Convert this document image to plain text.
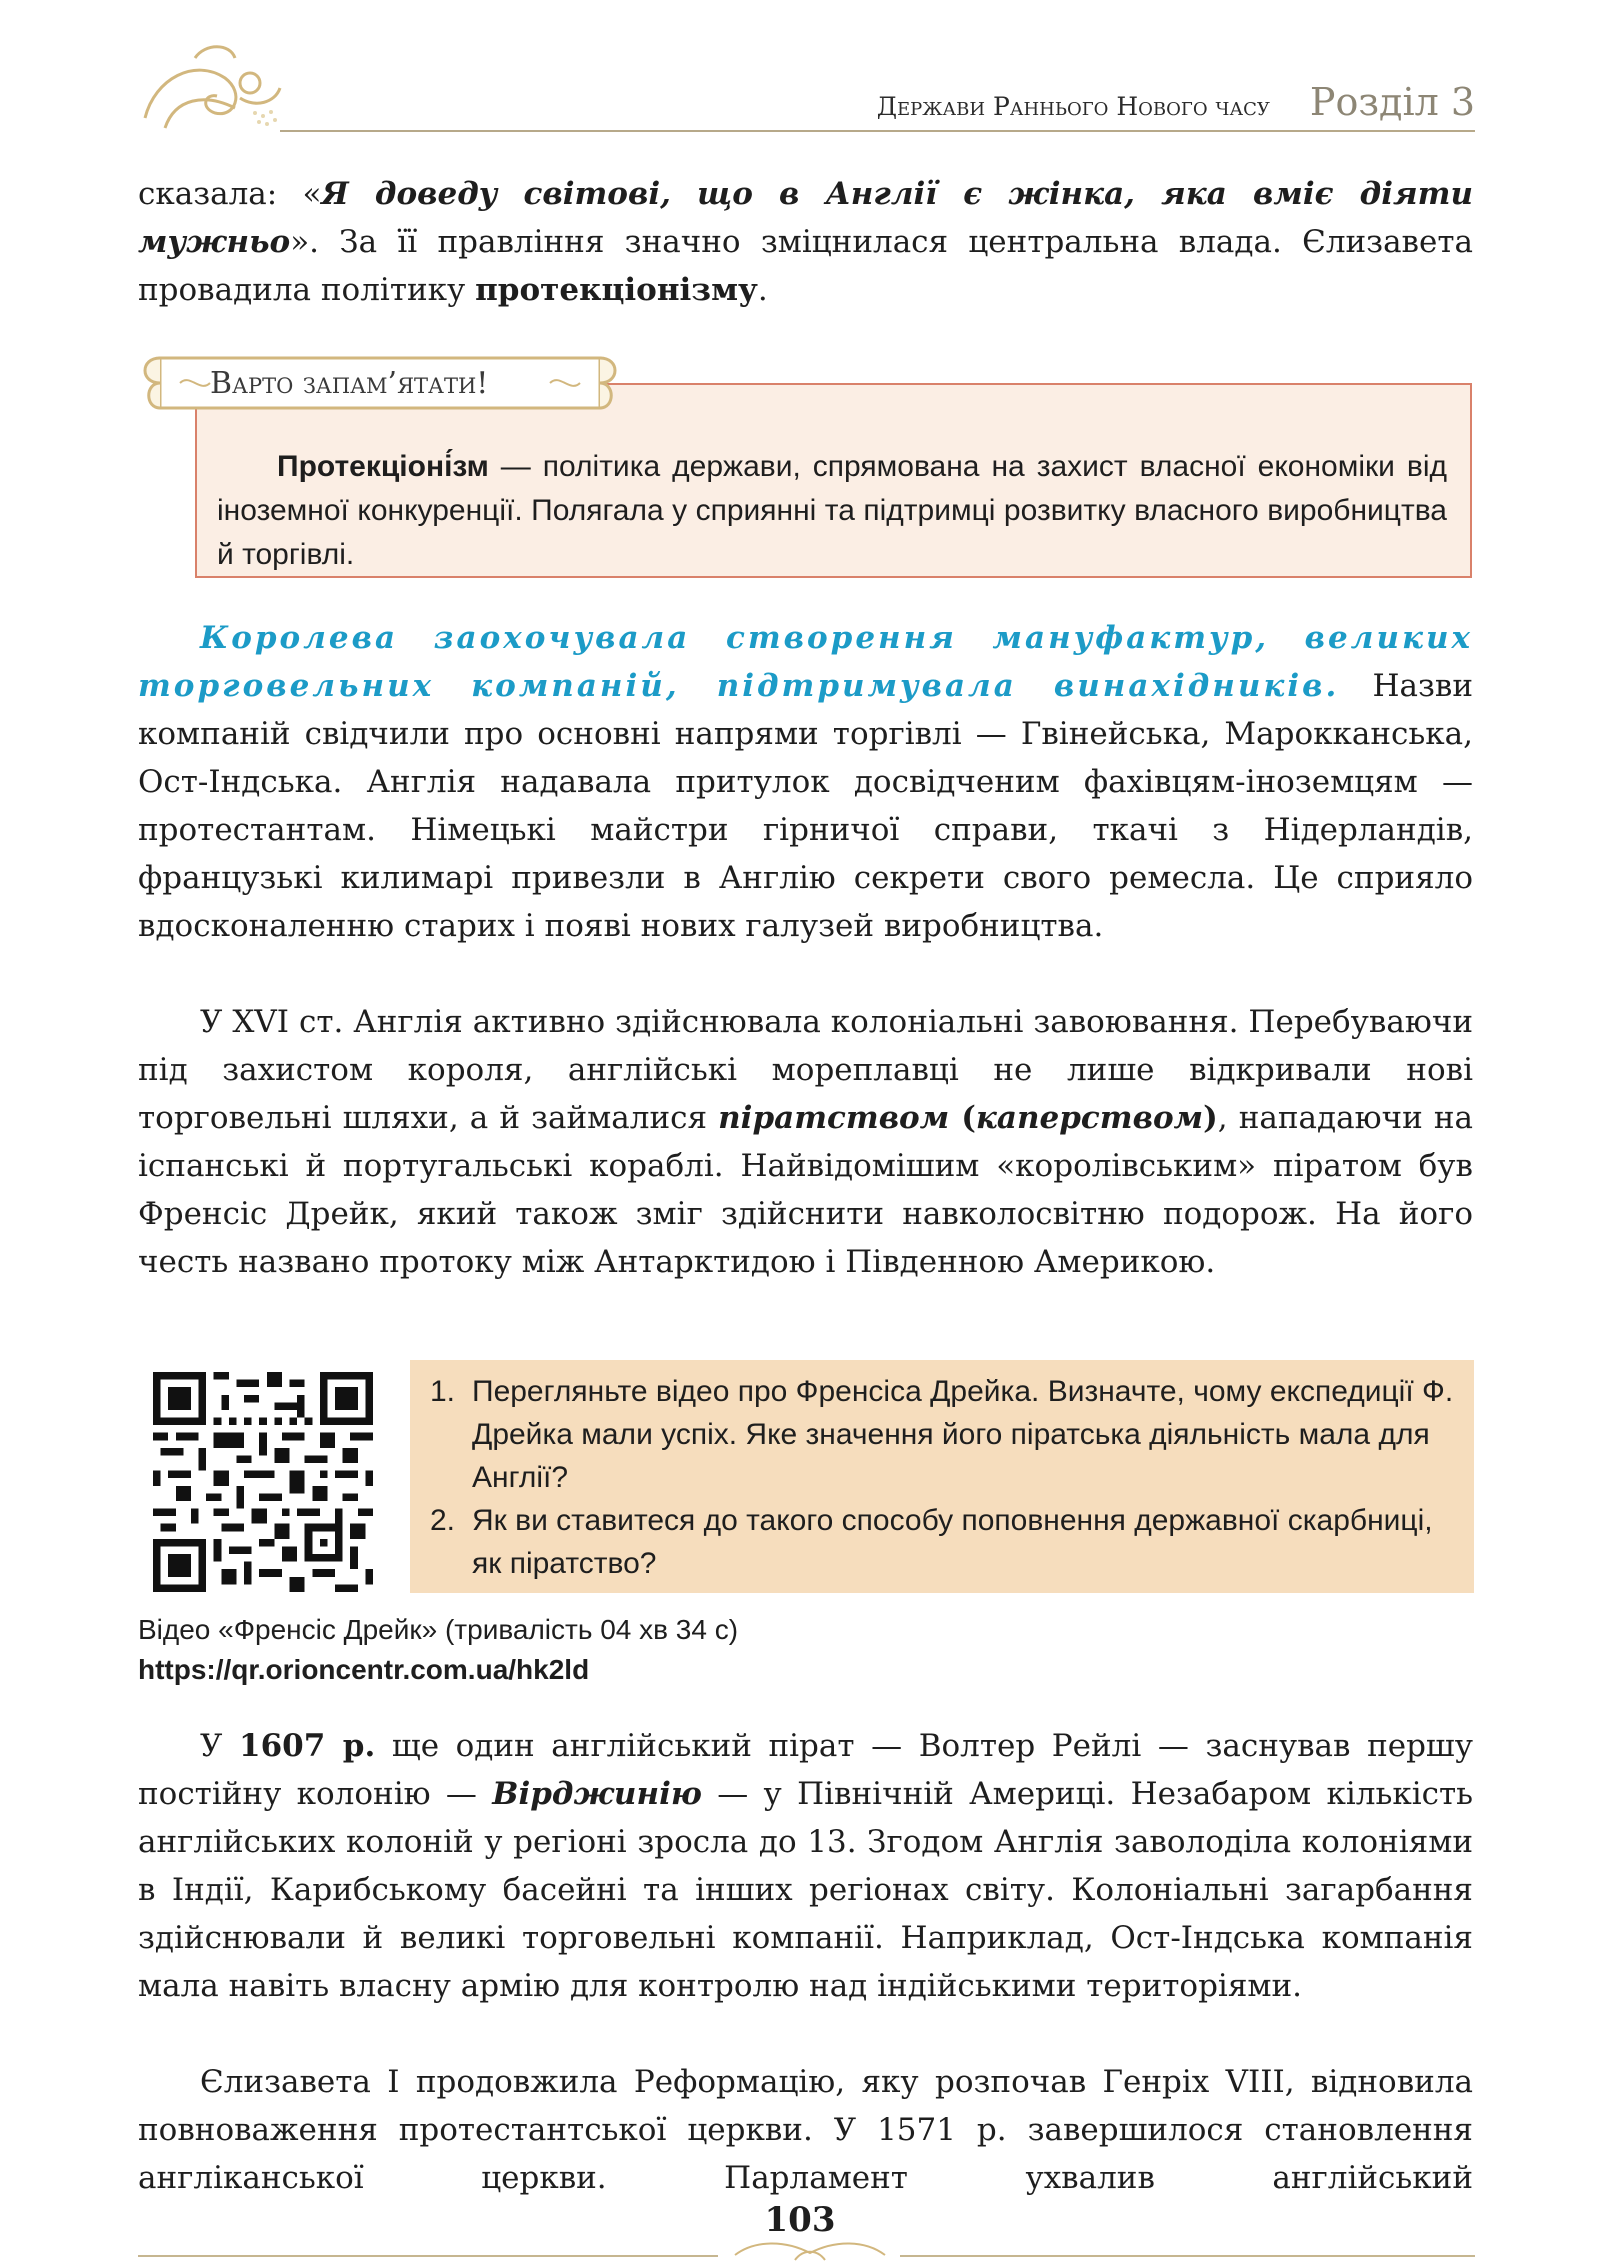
Держави Раннього Нового часу Розділ 3

сказала: «Я доведу світові, що в Англії є жінка, яка вміє діяти мужньо». За її правління значно зміцнилася центральна влада. Єлизавета провадила політику протекціонізму.

Протекціоні́зм — політика держави, спрямована на захист власної економіки від іноземної конкуренції. Полягала у сприянні та підтримці розвитку власного виробництва й торгівлі.
Варто запам’ятати!

Королева заохочувала створення мануфактур, великих торговельних компаній, підтримувала винахідників. Назви компаній свідчили про основні напрями торгівлі — Гвінейська, Марокканська, Ост-Індська. Англія надавала притулок досвідченим фахівцям-іноземцям — протестантам. Німецькі майстри гірничої справи, ткачі з Нідерландів, французькі килимарі привезли в Англію секрети свого ремесла. Це сприяло вдосконаленню старих і появі нових галузей виробництва.

У XVI ст. Англія активно здійснювала колоніальні завоювання. Перебуваючи під захистом короля, англійські мореплавці не лише відкривали нові торговельні шляхи, а й займалися піратством (каперством), нападаючи на іспанські й португальські кораблі. Найвідомішим «королівським» піратом був Френсіс Дрейк, який також зміг здійснити навколосвітню подорож. На його честь названо протоку між Антарктидою і Південною Америкою.

1. Перегляньте відео про Френсіса Дрейка. Визначте, чому експедиції Ф. Дрейка мали успіх. Яке значення його піратська діяльність мала для Англії?
2. Як ви ставитеся до такого способу поповнення державної скарбниці, як піратство?
Відео «Френсіс Дрейк» (тривалість 04 хв 34 с)
https://qr.orioncentr.com.ua/hk2ld

У 1607 р. ще один англійський пірат — Волтер Рейлі — заснував першу постійну колонію — Вірджинію — у Північній Америці. Незабаром кількість англійських колоній у регіоні зросла до 13. Згодом Англія заволоділа колоніями в Індії, Карибському басейні та інших регіонах світу. Колоніальні загарбання здійснювали й великі торговельні компанії. Наприклад, Ост-Індська компанія мала навіть власну армію для контролю над індійськими територіями.

Єлизавета I продовжила Реформацію, яку розпочав Генріх VIII, відновила повноваження протестантської церкви. У 1571 р. завершилося становлення англіканської церкви. Парламент ухвалив англійський

103
